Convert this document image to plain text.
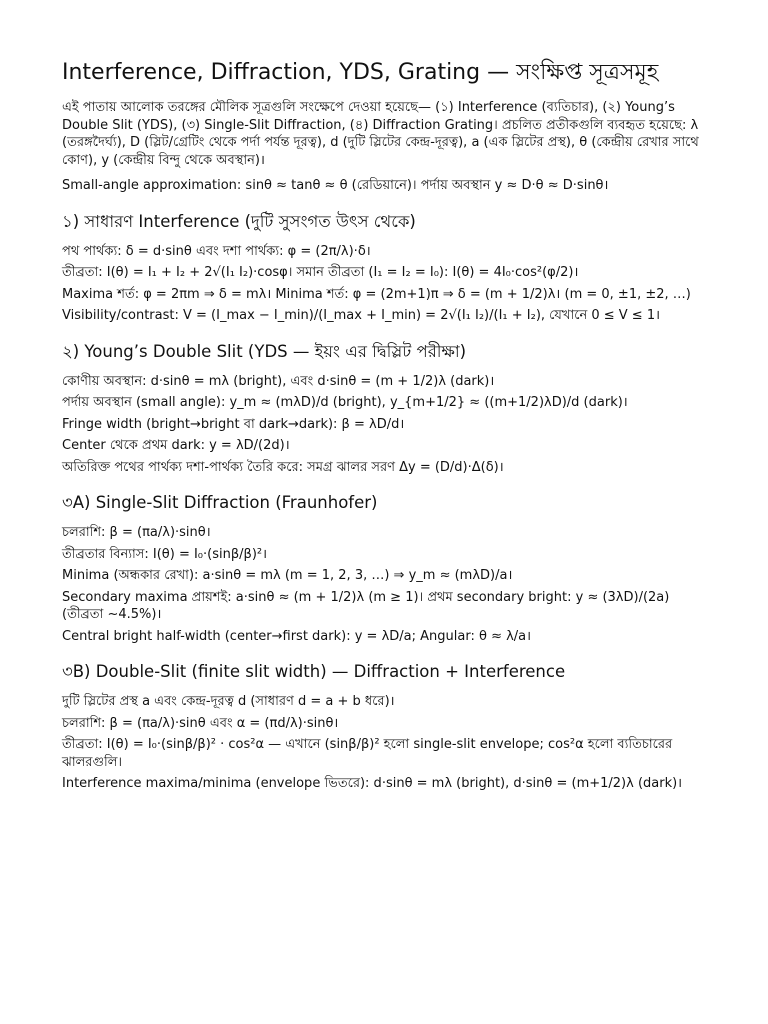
Interference, Diffraction, YDS, Grating — সংক্ষিপ্ত সূত্রসমূহ

এই পাতায় আলোক তরঙ্গের মৌলিক সূত্রগুলি সংক্ষেপে দেওয়া হয়েছে— (১) Interference (ব্যতিচার), (২) Young’s Double Slit (YDS), (৩) Single-Slit Diffraction, (৪) Diffraction Grating। প্রচলিত প্রতীকগুলি ব্যবহৃত হয়েছে: λ (তরঙ্গদৈর্ঘ্য), D (স্লিট/গ্রেটিং থেকে পর্দা পর্যন্ত দূরত্ব), d (দুটি স্লিটের কেন্দ্র-দূরত্ব), a (এক স্লিটের প্রস্থ), θ (কেন্দ্রীয় রেখার সাথে কোণ), y (কেন্দ্রীয় বিন্দু থেকে অবস্থান)।

Small-angle approximation: sinθ ≈ tanθ ≈ θ (রেডিয়ানে)। পর্দায় অবস্থান y ≈ D·θ ≈ D·sinθ।

১) সাধারণ Interference (দুটি সুসংগত উৎস থেকে)

পথ পার্থক্য: δ = d·sinθ এবং দশা পার্থক্য: φ = (2π/λ)·δ।

তীব্রতা: I(θ) = I₁ + I₂ + 2√(I₁ I₂)·cosφ। সমান তীব্রতা (I₁ = I₂ = I₀): I(θ) = 4I₀·cos²(φ/2)।

Maxima শর্ত: φ = 2πm ⇒ δ = mλ। Minima শর্ত: φ = (2m+1)π ⇒ δ = (m + 1/2)λ। (m = 0, ±1, ±2, …)

Visibility/contrast: V = (I_max − I_min)/(I_max + I_min) = 2√(I₁ I₂)/(I₁ + I₂), যেখানে 0 ≤ V ≤ 1।

২) Young’s Double Slit (YDS — ইয়ং এর দ্বিস্লিট পরীক্ষা)

কোণীয় অবস্থান: d·sinθ = mλ (bright), এবং d·sinθ = (m + 1/2)λ (dark)।

পর্দায় অবস্থান (small angle): y_m ≈ (mλD)/d (bright), y_{m+1/2} ≈ ((m+1/2)λD)/d (dark)।

Fringe width (bright→bright বা dark→dark): β = λD/d।

Center থেকে প্রথম dark: y = λD/(2d)।

অতিরিক্ত পথের পার্থক্য দশা-পার্থক্য তৈরি করে: সমগ্র ঝালর সরণ Δy = (D/d)·Δ(δ)।

৩A) Single-Slit Diffraction (Fraunhofer)

চলরাশি: β = (πa/λ)·sinθ।

তীব্রতার বিন্যাস: I(θ) = I₀·(sinβ/β)²।

Minima (অন্ধকার রেখা): a·sinθ = mλ (m = 1, 2, 3, …) ⇒ y_m ≈ (mλD)/a।

Secondary maxima প্রায়শই: a·sinθ ≈ (m + 1/2)λ (m ≥ 1)। প্রথম secondary bright: y ≈ (3λD)/(2a) (তীব্রতা ~4.5%)।

Central bright half-width (center→first dark): y = λD/a; Angular: θ ≈ λ/a।

৩B) Double-Slit (finite slit width) — Diffraction + Interference

দুটি স্লিটের প্রস্থ a এবং কেন্দ্র-দূরত্ব d (সাধারণ d = a + b ধরে)।

চলরাশি: β = (πa/λ)·sinθ এবং α = (πd/λ)·sinθ।

তীব্রতা: I(θ) = I₀·(sinβ/β)² · cos²α — এখানে (sinβ/β)² হলো single-slit envelope; cos²α হলো ব্যতিচারের ঝালরগুলি।

Interference maxima/minima (envelope ভিতরে): d·sinθ = mλ (bright), d·sinθ = (m+1/2)λ (dark)।
